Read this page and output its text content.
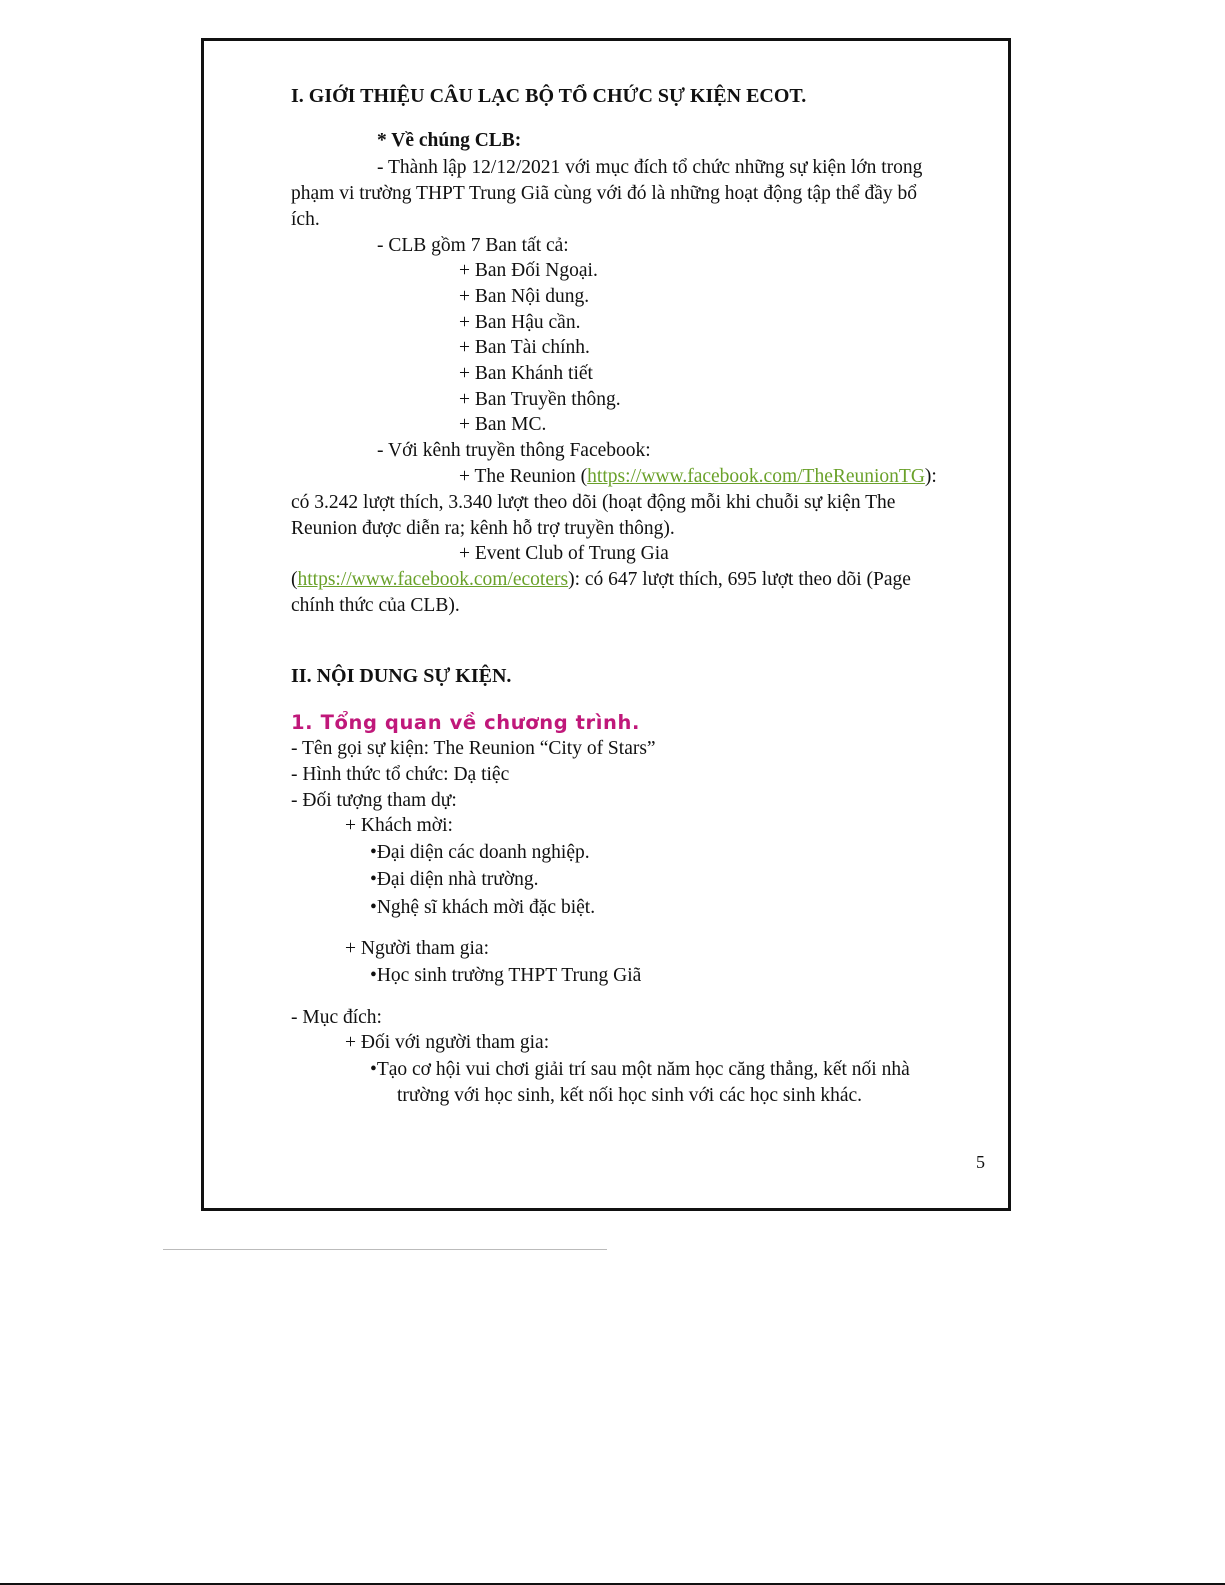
I. GIỚI THIỆU CÂU LẠC BỘ TỔ CHỨC SỰ KIỆN ECOT.
* Về chúng CLB:
- Thành lập 12/12/2021 với mục đích tổ chức những sự kiện lớn trong
phạm vi trường THPT Trung Giã cùng với đó là những hoạt động tập thể đầy bổ
ích.
- CLB gồm 7 Ban tất cả:
+ Ban Đối Ngoại.
+ Ban Nội dung.
+ Ban Hậu cần.
+ Ban Tài chính.
+ Ban Khánh tiết
+ Ban Truyền thông.
+ Ban MC.
- Với kênh truyền thông Facebook:
+ The Reunion (https://www.facebook.com/TheReunionTG):
có 3.242 lượt thích, 3.340 lượt theo dõi (hoạt động mỗi khi chuỗi sự kiện The
Reunion được diễn ra; kênh hỗ trợ truyền thông).
+ Event Club of Trung Gia
(https://www.facebook.com/ecoters): có 647 lượt thích, 695 lượt theo dõi (Page
chính thức của CLB).
II. NỘI DUNG SỰ KIỆN.
1. Tổng quan về chương trình.
- Tên gọi sự kiện: The Reunion “City of Stars”
- Hình thức tổ chức: Dạ tiệc
- Đối tượng tham dự:
+ Khách mời:
•Đại diện các doanh nghiệp.
•Đại diện nhà trường.
•Nghệ sĩ khách mời đặc biệt.
+ Người tham gia:
•Học sinh trường THPT Trung Giã
- Mục đích:
+ Đối với người tham gia:
•Tạo cơ hội vui chơi giải trí sau một năm học căng thẳng, kết nối nhà
trường với học sinh, kết nối học sinh với các học sinh khác.
5
